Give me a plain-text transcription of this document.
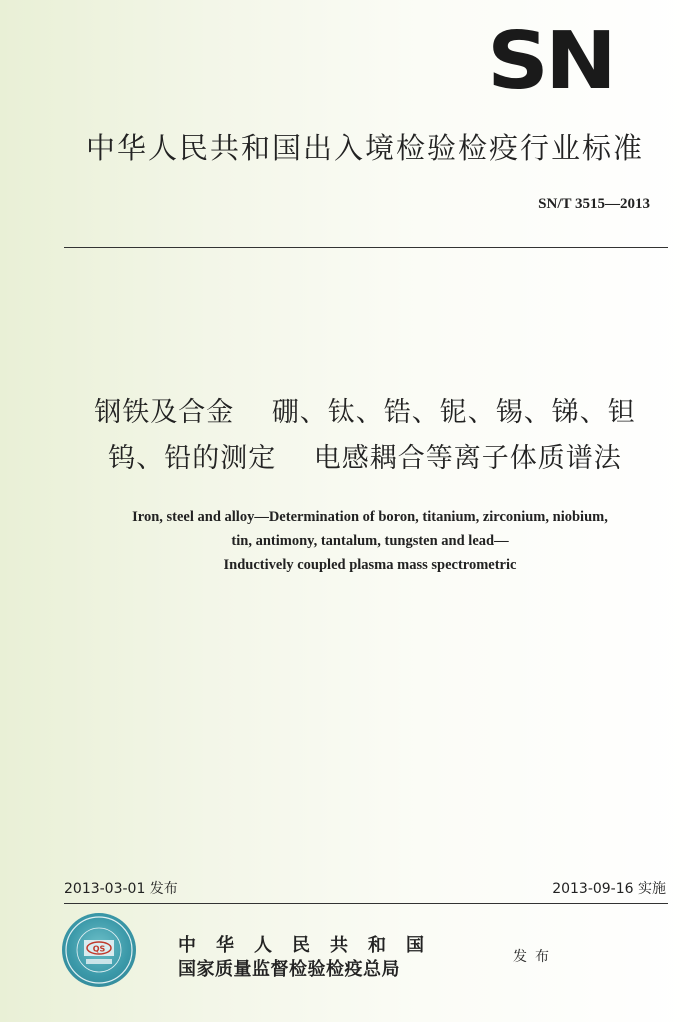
SN
中华人民共和国出入境检验检疫行业标准
SN/T 3515—2013
钢铁及合金　 硼、钛、锆、铌、锡、锑、钽
钨、铅的测定　 电感耦合等离子体质谱法
Iron, steel and alloy—Determination of boron, titanium, zirconium, niobium,
tin, antimony, tantalum, tungsten and lead—
Inductively coupled plasma mass spectrometric
2013-03-01 发布	2013-09-16 实施
QS	中华人民共和国
国家质量监督检验检疫总局
发布
